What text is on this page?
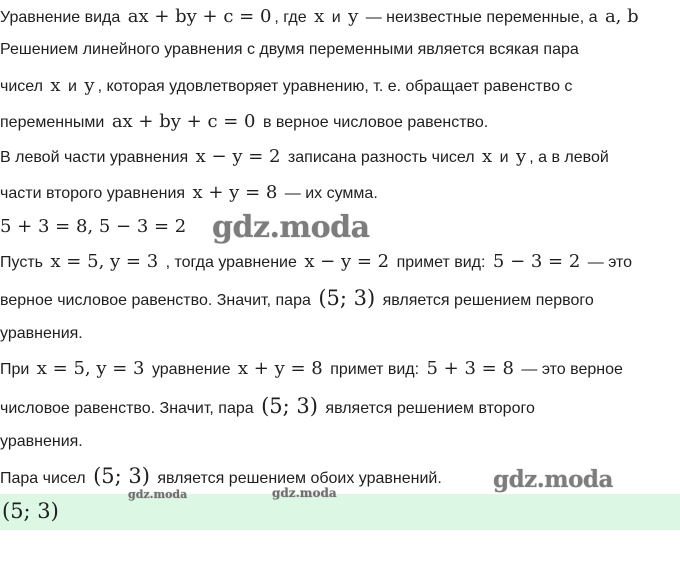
Уравнение вида ax + by + c = 0 , где x и y — неизвестные переменные, а a, b
Решением линейного уравнения с двумя переменными является всякая пара
чисел x и y , которая удовлетворяет уравнению, т. е. обращает равенство с
переменными ax + by + c = 0 в верное числовое равенство.
В левой части уравнения x − y = 2 записана разность чисел x и y , а в левой
части второго уравнения x + y = 8 — их сумма.
5 + 3 = 8, 5 − 3 = 2
Пусть x = 5, y = 3 , тогда уравнение x − y = 2 примет вид: 5 − 3 = 2 — это
верное числовое равенство. Значит, пара (5; 3) является решением первого
уравнения.
При x = 5, y = 3 уравнение x + y = 8 примет вид: 5 + 3 = 8 — это верное
числовое равенство. Значит, пара (5; 3) является решением второго
уравнения.
Пара чисел (5; 3) является решением обоих уравнений.
(5; 3)
gdz.moda
gdz.moda
gdz.moda	gdz.moda
